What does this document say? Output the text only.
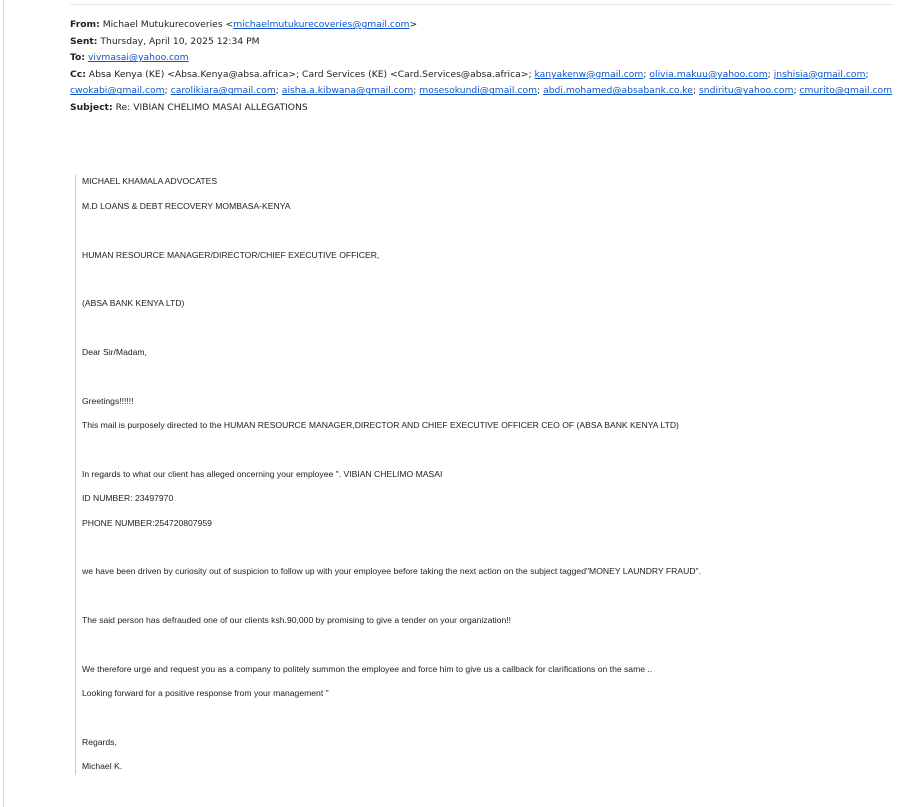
From: Michael Mutukurecoveries <michaelmutukurecoveries@gmail.com>
Sent: Thursday, April 10, 2025 12:34 PM
To: vivmasai@yahoo.com
Cc: Absa Kenya (KE) <Absa.Kenya@absa.africa>; Card Services (KE) <Card.Services@absa.africa>; kanyakenw@gmail.com; olivia.makuu@yahoo.com; jnshisia@gmail.com; cwokabi@gmail.com; carolikiara@gmail.com; aisha.a.kibwana@gmail.com; mosesokundi@gmail.com; abdi.mohamed@absabank.co.ke; sndiritu@yahoo.com; cmurito@gmail.com
Subject: Re: VIBIAN CHELIMO MASAI ALLEGATIONS

MICHAEL KHAMALA ADVOCATES

M.D LOANS & DEBT RECOVERY MOMBASA-KENYA

HUMAN RESOURCE MANAGER/DIRECTOR/CHIEF EXECUTIVE OFFICER,

(ABSA BANK KENYA LTD)

Dear Sir/Madam,

Greetings!!!!!!

This mail is purposely directed to the HUMAN RESOURCE MANAGER,DIRECTOR AND CHIEF EXECUTIVE OFFICER CEO OF (ABSA BANK KENYA LTD)

In regards to what our client has alleged oncerning your employee ". VIBIAN CHELIMO MASAI

ID NUMBER: 23497970

PHONE NUMBER:254720807959

we have been driven by curiosity out of suspicion to follow up with your employee before taking the next action on the subject tagged"MONEY LAUNDRY FRAUD".

The said person has defrauded one of our clients ksh.90,000 by promising to give a tender on your organization!!

We therefore urge and request you as a company to politely summon the employee and force him to give us a callback for clarifications on the same ..

Looking forward for a positive response from your management "

Regards,

Michael K.
